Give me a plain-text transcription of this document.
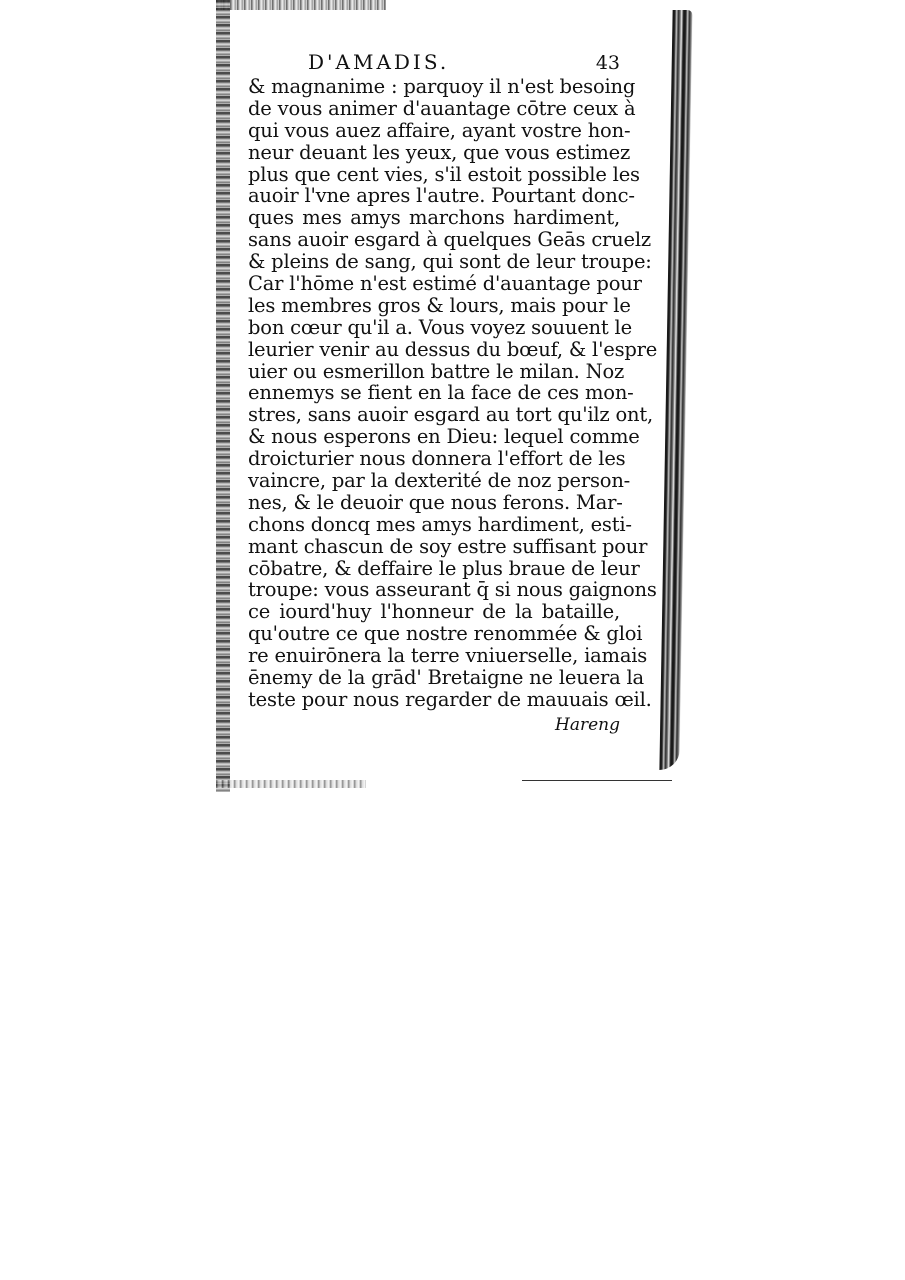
D'AMADIS.	43
& magnanime : parquoy il n'est besoing
de vous animer d'auantage cōtre ceux à
qui vous auez affaire, ayant vostre hon-
neur deuant les yeux, que vous estimez
plus que cent vies, s'il estoit possible les
auoir l'vne apres l'autre. Pourtant donc-
ques mes amys marchons hardiment,
sans auoir esgard à quelques Geās cruelz
& pleins de sang, qui sont de leur troupe:
Car l'hōme n'est estimé d'auantage pour
les membres gros & lours, mais pour le
bon cœur qu'il a. Vous voyez souuent le
leurier venir au dessus du bœuf, & l'espre
uier ou esmerillon battre le milan. Noz
ennemys se fient en la face de ces mon-
stres, sans auoir esgard au tort qu'ilz ont,
& nous esperons en Dieu: lequel comme
droicturier nous donnera l'effort de les
vaincre, par la dexterité de noz person-
nes, & le deuoir que nous ferons. Mar-
chons doncq mes amys hardiment, esti-
mant chascun de soy estre suffisant pour
cōbatre, & deffaire le plus braue de leur
troupe: vous asseurant q̄ si nous gaignons
ce iourd'huy l'honneur de la bataille,
qu'outre ce que nostre renommée & gloi
re enuirōnera la terre vniuerselle, iamais
ēnemy de la grād' Bretaigne ne leuera la
teste pour nous regarder de mauuais œil.
Hareng
